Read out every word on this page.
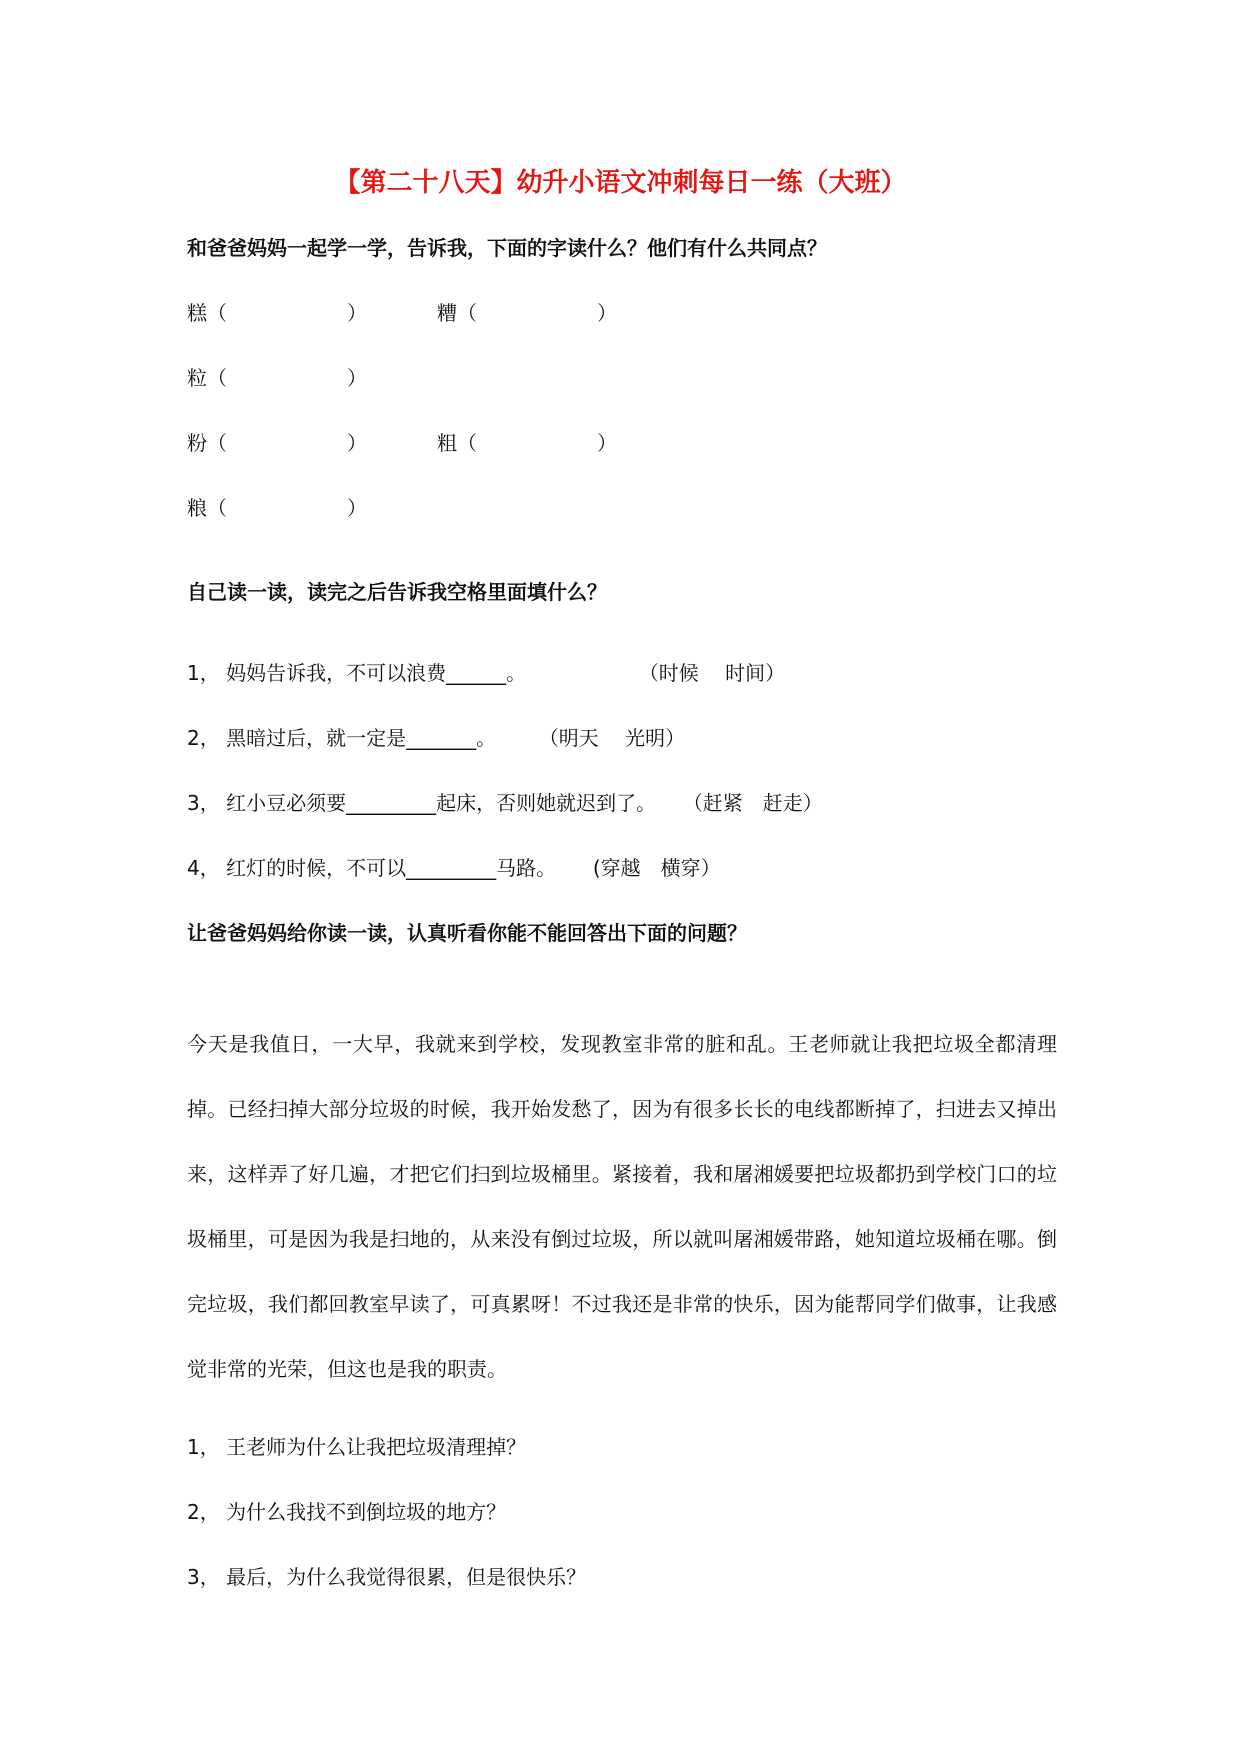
【第二十八天】幼升小语文冲刺每日一练（大班）
和爸爸妈妈一起学一学，告诉我，下面的字读什么？他们有什么共同点？
糕（	）	糟（	）
粒（	）
粉（	）	粗（	）
粮（	）
自己读一读，读完之后告诉我空格里面填什么？
1， 妈妈告诉我，不可以浪费______。	（时候　 时间）
2， 黑暗过后，就一定是_______。 （明天　 光明）
3， 红小豆必须要_________起床，否则她就迟到了。 （赶紧　赶走）
4， 红灯的时候，不可以_________马路。 (穿越　横穿）
让爸爸妈妈给你读一读，认真听看你能不能回答出下面的问题？
今天是我值日，一大早，我就来到学校，发现教室非常的脏和乱。王老师就让我把垃圾全都清理掉。已经扫掉大部分垃圾的时候，我开始发愁了，因为有很多长长的电线都断掉了，扫进去又掉出来，这样弄了好几遍，才把它们扫到垃圾桶里。紧接着，我和屠湘媛要把垃圾都扔到学校门口的垃圾桶里，可是因为我是扫地的，从来没有倒过垃圾，所以就叫屠湘媛带路，她知道垃圾桶在哪。倒完垃圾，我们都回教室早读了，可真累呀！不过我还是非常的快乐，因为能帮同学们做事，让我感觉非常的光荣，但这也是我的职责。
1， 王老师为什么让我把垃圾清理掉？
2， 为什么我找不到倒垃圾的地方？
3， 最后，为什么我觉得很累，但是很快乐？
